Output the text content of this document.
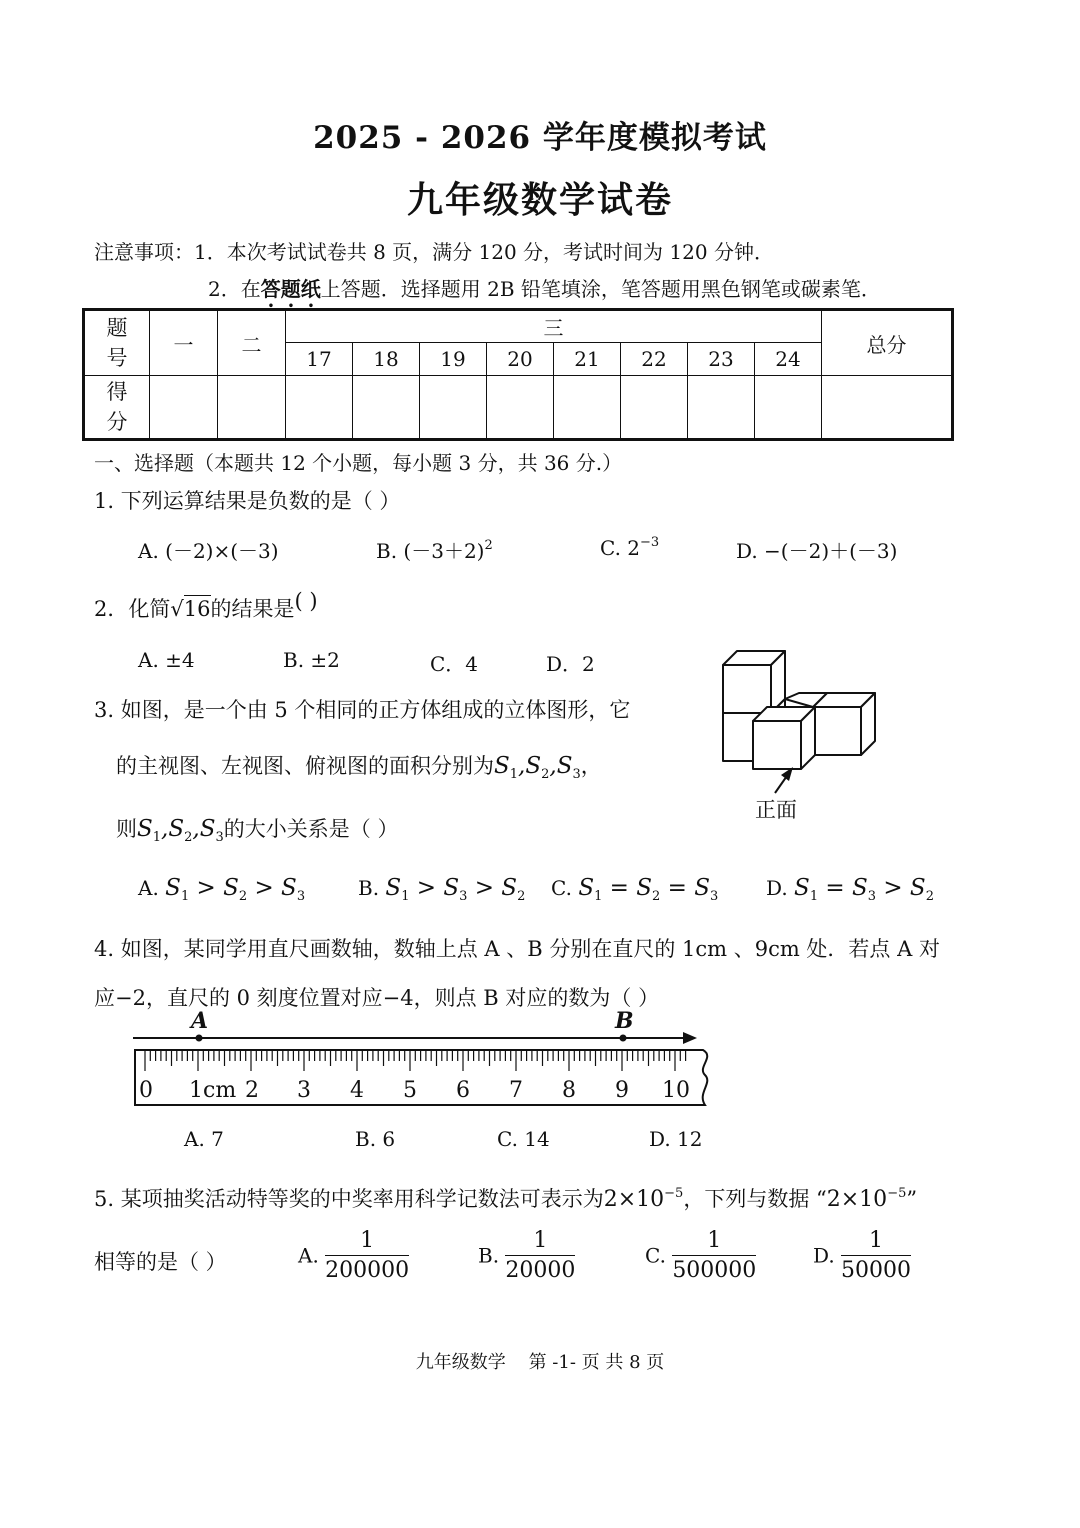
2025 - 2026 学年度模拟考试
九年级数学试卷
注意事项：1．本次考试试卷共 8 页，满分 120 分，考试时间为 120 分钟．
2．在答题纸上答题．选择题用 2B 铅笔填涂，笔答题用黑色钢笔或碳素笔．
题号	一	二	三								总分
			17	18	19	20	21	22	23	24	
得分											
一、选择题（本题共 12 个小题，每小题 3 分，共 36 分.）
1. 下列运算结果是负数的是（ ）
A. (－2)×(－3)	B. $(-3+2)^2$	C. $2^{-3}$	D. −(－2)＋(－3)
2．化简√16的结果是( )
A. ±4	B. ±2	C．4	D．2
3. 如图，是一个由 5 个相同的正方体组成的立体图形，它
的主视图、左视图、俯视图的面积分别为$S_1,S_2,S_3$，
则$S_1,S_2,S_3$的大小关系是（ ）
正面
A. $S_1 > S_2 > S_3$	B. $S_1 > S_3 > S_2$ C. $S_1 = S_2 = S_3$ D. $S_1 = S_3 > S_2$
4. 如图，某同学用直尺画数轴，数轴上点 A 、B 分别在直尺的 1cm 、9cm 处．若点 A 对
应−2，直尺的 0 刻度位置对应−4，则点 B 对应的数为（ ）
A	B
0 1cm 2 3 4 5 6 7 8 9 10
A. 7	B. 6	C. 14	D. 12
5. 某项抽奖活动特等奖的中奖率用科学记数法可表示为$2\times 10^{-5}$，下列与数据 “$2\times 10^{-5}$”
相等的是（ ）	A. $\frac{1}{200000}$	B. $\frac{1}{20000}$	C. $\frac{1}{500000}$	D. $\frac{1}{50000}$
九年级数学    第 -1- 页 共 8 页
